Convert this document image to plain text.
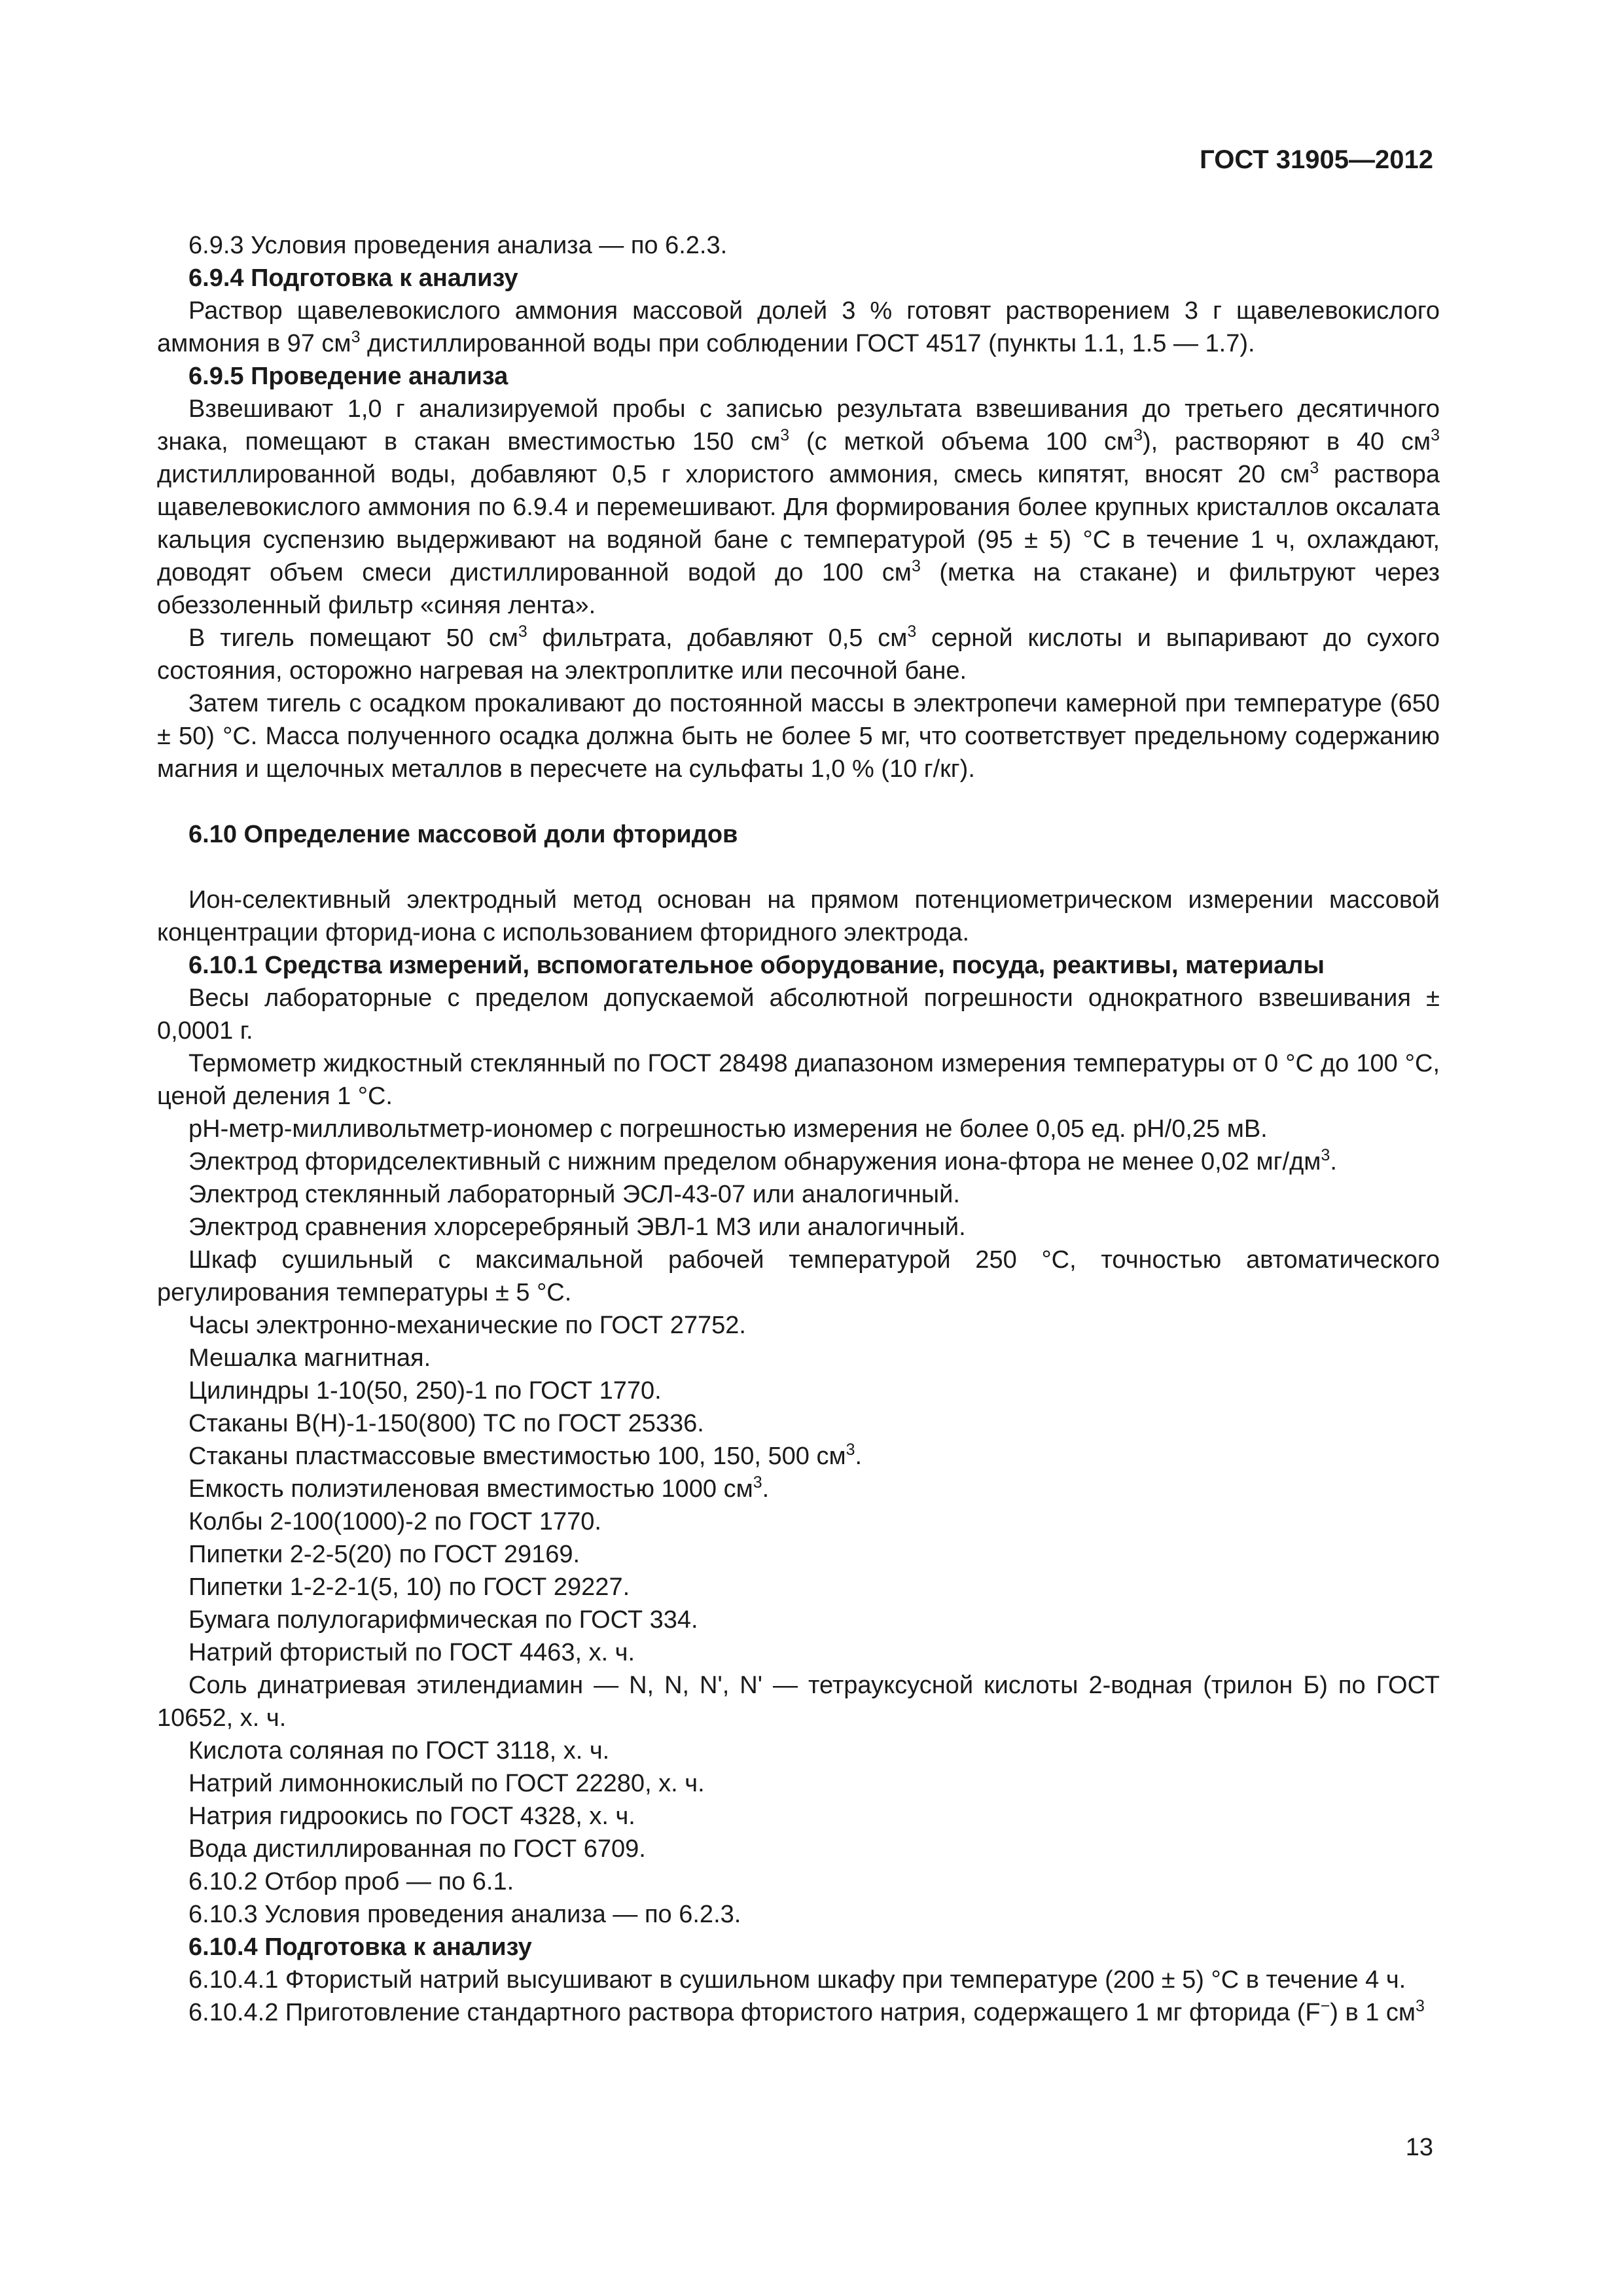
ГОСТ 31905—2012

6.9.3 Условия проведения анализа — по 6.2.3.

6.9.4 Подготовка к анализу

Раствор щавелевокислого аммония массовой долей 3 % готовят растворением 3 г щавелевокислого аммония в 97 $см^3$ дистиллированной воды при соблюдении ГОСТ 4517 (пункты 1.1, 1.5 — 1.7).

6.9.5 Проведение анализа

Взвешивают 1,0 г анализируемой пробы с записью результата взвешивания до третьего десятичного знака, помещают в стакан вместимостью 150 $см^3$ (с меткой объема 100 $см^3$), растворяют в 40 $см^3$ дистиллированной воды, добавляют 0,5 г хлористого аммония, смесь кипятят, вносят 20 $см^3$ раствора щавелевокислого аммония по 6.9.4 и перемешивают. Для формирования более крупных кристаллов оксалата кальция суспензию выдерживают на водяной бане с температурой (95 ± 5) °С в течение 1 ч, охлаждают, доводят объем смеси дистиллированной водой до 100 $см^3$ (метка на стакане) и фильтруют через обеззоленный фильтр «синяя лента».

В тигель помещают 50 $см^3$ фильтрата, добавляют 0,5 $см^3$ серной кислоты и выпаривают до сухого состояния, осторожно нагревая на электроплитке или песочной бане.

Затем тигель с осадком прокаливают до постоянной массы в электропечи камерной при температуре (650 ± 50) °С. Масса полученного осадка должна быть не более 5 мг, что соответствует предельному содержанию магния и щелочных металлов в пересчете на сульфаты 1,0 % (10 г/кг).

6.10 Определение массовой доли фторидов

Ион-селективный электродный метод основан на прямом потенциометрическом измерении массовой концентрации фторид-иона с использованием фторидного электрода.

6.10.1 Средства измерений, вспомогательное оборудование, посуда, реактивы, материалы

Весы лабораторные с пределом допускаемой абсолютной погрешности однократного взвешивания ± 0,0001 г.

Термометр жидкостный стеклянный по ГОСТ 28498 диапазоном измерения температуры от 0 °С до 100 °С, ценой деления 1 °С.

рН-метр-милливольтметр-иономер с погрешностью измерения не более 0,05 ед. рН/0,25 мВ.

Электрод фторидселективный с нижним пределом обнаружения иона-фтора не менее 0,02 $мг/дм^3$.

Электрод стеклянный лабораторный ЭСЛ-43-07 или аналогичный.

Электрод сравнения хлорсеребряный ЭВЛ-1 МЗ или аналогичный.

Шкаф сушильный с максимальной рабочей температурой 250 °С, точностью автоматического регулирования температуры ± 5 °С.

Часы электронно-механические по ГОСТ 27752.

Мешалка магнитная.

Цилиндры 1-10(50, 250)-1 по ГОСТ 1770.

Стаканы В(Н)-1-150(800) ТС по ГОСТ 25336.

Стаканы пластмассовые вместимостью 100, 150, 500 $см^3$.

Емкость полиэтиленовая вместимостью 1000 $см^3$.

Колбы 2-100(1000)-2 по ГОСТ 1770.

Пипетки 2-2-5(20) по ГОСТ 29169.

Пипетки 1-2-2-1(5, 10) по ГОСТ 29227.

Бумага полулогарифмическая по ГОСТ 334.

Натрий фтористый по ГОСТ 4463, х. ч.

Соль динатриевая этилендиамин — N, N, N', N' — тетрауксусной кислоты 2-водная (трилон Б) по ГОСТ 10652, х. ч.

Кислота соляная по ГОСТ 3118, х. ч.

Натрий лимоннокислый по ГОСТ 22280, х. ч.

Натрия гидроокись по ГОСТ 4328, х. ч.

Вода дистиллированная по ГОСТ 6709.

6.10.2 Отбор проб — по 6.1.

6.10.3 Условия проведения анализа — по 6.2.3.

6.10.4 Подготовка к анализу

6.10.4.1 Фтористый натрий высушивают в сушильном шкафу при температуре (200 ± 5) °С в течение 4 ч.

6.10.4.2 Приготовление стандартного раствора фтористого натрия, содержащего 1 мг фторида (F−) в 1 $см^3$

13
